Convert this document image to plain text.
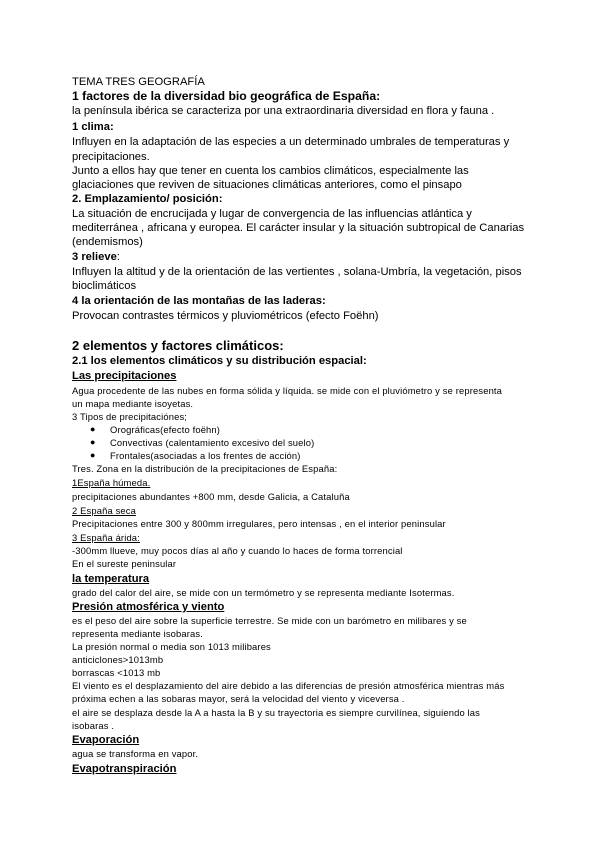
TEMA TRES GEOGRAFÍA
1 factores de la diversidad bio geográfica de España:
la península ibérica se caracteriza por una extraordinaria diversidad en flora y fauna .
1 clima:
Influyen en la adaptación de las especies a un determinado umbrales de temperaturas y
precipitaciones.
Junto a ellos hay que tener en cuenta los cambios climáticos, especialmente las
glaciaciones que reviven de situaciones climáticas anteriores, como el pinsapo
2. Emplazamiento/ posición:
La situación de encrucijada y lugar de convergencia de las influencias atlántica y
mediterránea , africana y europea. El carácter insular y la situación subtropical de Canarias
(endemismos)
3 relieve:
Influyen la altitud y de la orientación de las vertientes , solana-Umbría, la vegetación, pisos
bioclimáticos
4 la orientación de las montañas de las laderas:
Provocan contrastes térmicos y pluviométricos (efecto Foëhn)
2 elementos y factores climáticos:
2.1 los elementos climáticos y su distribución espacial:
Las precipitaciones
Agua procedente de las nubes en forma sólida y líquida. se mide con el pluviómetro y se representa
un mapa mediante isoyetas.
3 Tipos de precipitaciónes;
● Orográficas(efecto foëhn)
● Convectivas (calentamiento excesivo del suelo)
● Frontales(asociadas a los frentes de acción)
Tres. Zona en la distribución de la precipitaciones de España:
1España húmeda.
precipitaciones abundantes +800 mm, desde Galicia, a Cataluña
2 España seca
Precipitaciones entre 300 y 800mm irregulares, pero intensas , en el interior peninsular
3 España árida:
-300mm llueve, muy pocos días al año y cuando lo haces de forma torrencial
En el sureste peninsular
la temperatura
grado del calor del aire, se mide con un termómetro y se representa mediante Isotermas.
Presión atmosférica y viento
es el peso del aire sobre la superficie terrestre. Se mide con un barómetro en milibares y se
representa mediante isobaras.
La presión normal o media son 1013 milibares
anticiclones>1013mb
borrascas <1013 mb
El viento es el desplazamiento del aire debido a las diferencias de presión atmosférica mientras más
próxima echen a las sobaras mayor, será la velocidad del viento y viceversa .
el aire se desplaza desde la A a hasta la B y su trayectoria es siempre curvilínea, siguiendo las
isobaras .
Evaporación
agua se transforma en vapor.
Evapotranspiración
